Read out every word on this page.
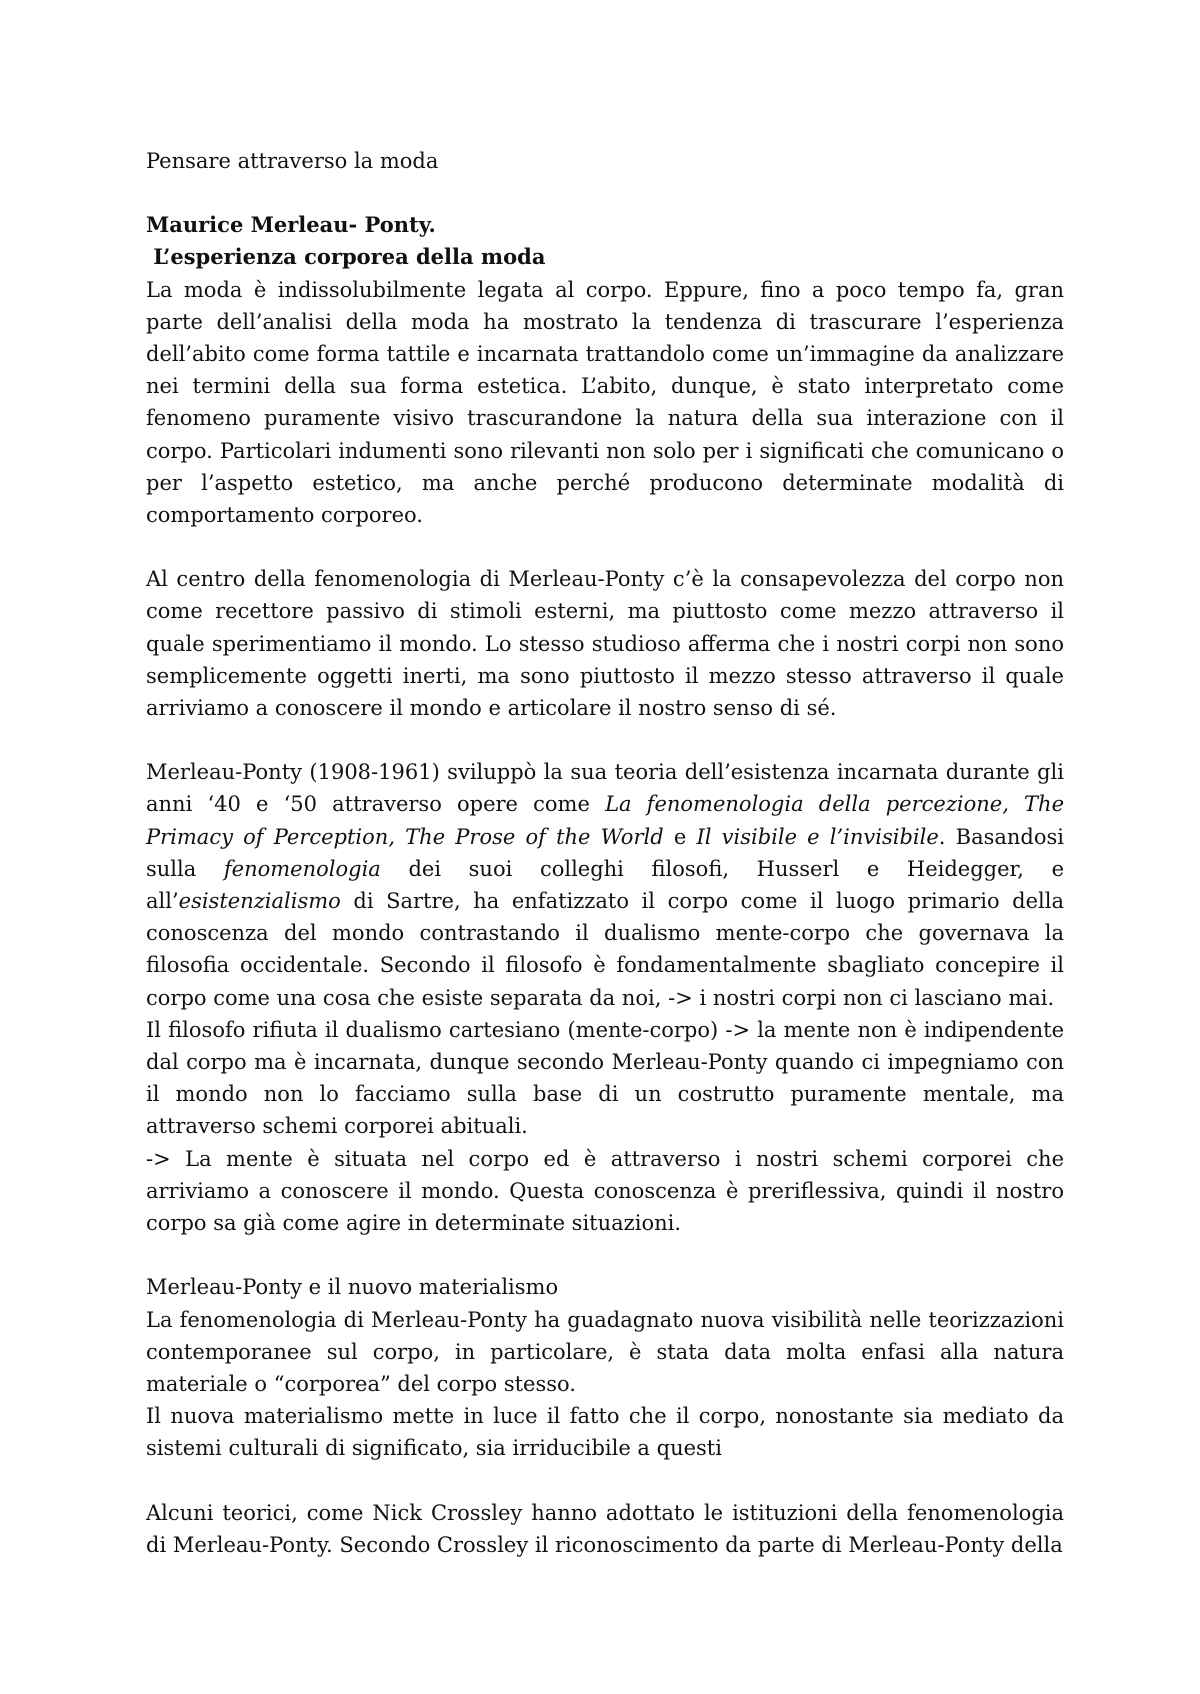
Pensare attraverso la moda

Maurice Merleau- Ponty.

L’esperienza corporea della moda

La moda è indissolubilmente legata al corpo. Eppure, fino a poco tempo fa, gran parte dell’analisi della moda ha mostrato la tendenza di trascurare l’esperienza dell’abito come forma tattile e incarnata trattandolo come un’immagine da analizzare nei termini della sua forma estetica. L’abito, dunque, è stato interpretato come fenomeno puramente visivo trascurandone la natura della sua interazione con il corpo. Particolari indumenti sono rilevanti non solo per i significati che comunicano o per l’aspetto estetico, ma anche perché producono determinate modalità di comportamento corporeo.

Al centro della fenomenologia di Merleau-Ponty c’è la consapevolezza del corpo non come recettore passivo di stimoli esterni, ma piuttosto come mezzo attraverso il quale sperimentiamo il mondo. Lo stesso studioso afferma che i nostri corpi non sono semplicemente oggetti inerti, ma sono piuttosto il mezzo stesso attraverso il quale arriviamo a conoscere il mondo e articolare il nostro senso di sé.

Merleau-Ponty (1908-1961) sviluppò la sua teoria dell’esistenza incarnata durante gli anni ‘40 e ‘50 attraverso opere come La fenomenologia della percezione, The Primacy of Perception, The Prose of the World e Il visibile e l’invisibile. Basandosi sulla fenomenologia dei suoi colleghi filosofi, Husserl e Heidegger, e all’esistenzialismo di Sartre, ha enfatizzato il corpo come il luogo primario della conoscenza del mondo contrastando il dualismo mente-corpo che governava la filosofia occidentale. Secondo il filosofo è fondamentalmente sbagliato concepire il corpo come una cosa che esiste separata da noi, -> i nostri corpi non ci lasciano mai.

Il filosofo rifiuta il dualismo cartesiano (mente-corpo) -> la mente non è indipendente dal corpo ma è incarnata, dunque secondo Merleau-Ponty quando ci impegniamo con il mondo non lo facciamo sulla base di un costrutto puramente mentale, ma attraverso schemi corporei abituali.

-> La mente è situata nel corpo ed è attraverso i nostri schemi corporei che arriviamo a conoscere il mondo. Questa conoscenza è preriflessiva, quindi il nostro corpo sa già come agire in determinate situazioni.

Merleau-Ponty e il nuovo materialismo

La fenomenologia di Merleau-Ponty ha guadagnato nuova visibilità nelle teorizzazioni contemporanee sul corpo, in particolare, è stata data molta enfasi alla natura materiale o “corporea” del corpo stesso.

Il nuova materialismo mette in luce il fatto che il corpo, nonostante sia mediato da sistemi culturali di significato, sia irriducibile a questi

Alcuni teorici, come Nick Crossley hanno adottato le istituzioni della fenomenologia di Merleau-Ponty. Secondo Crossley il riconoscimento da parte di Merleau-Ponty della
